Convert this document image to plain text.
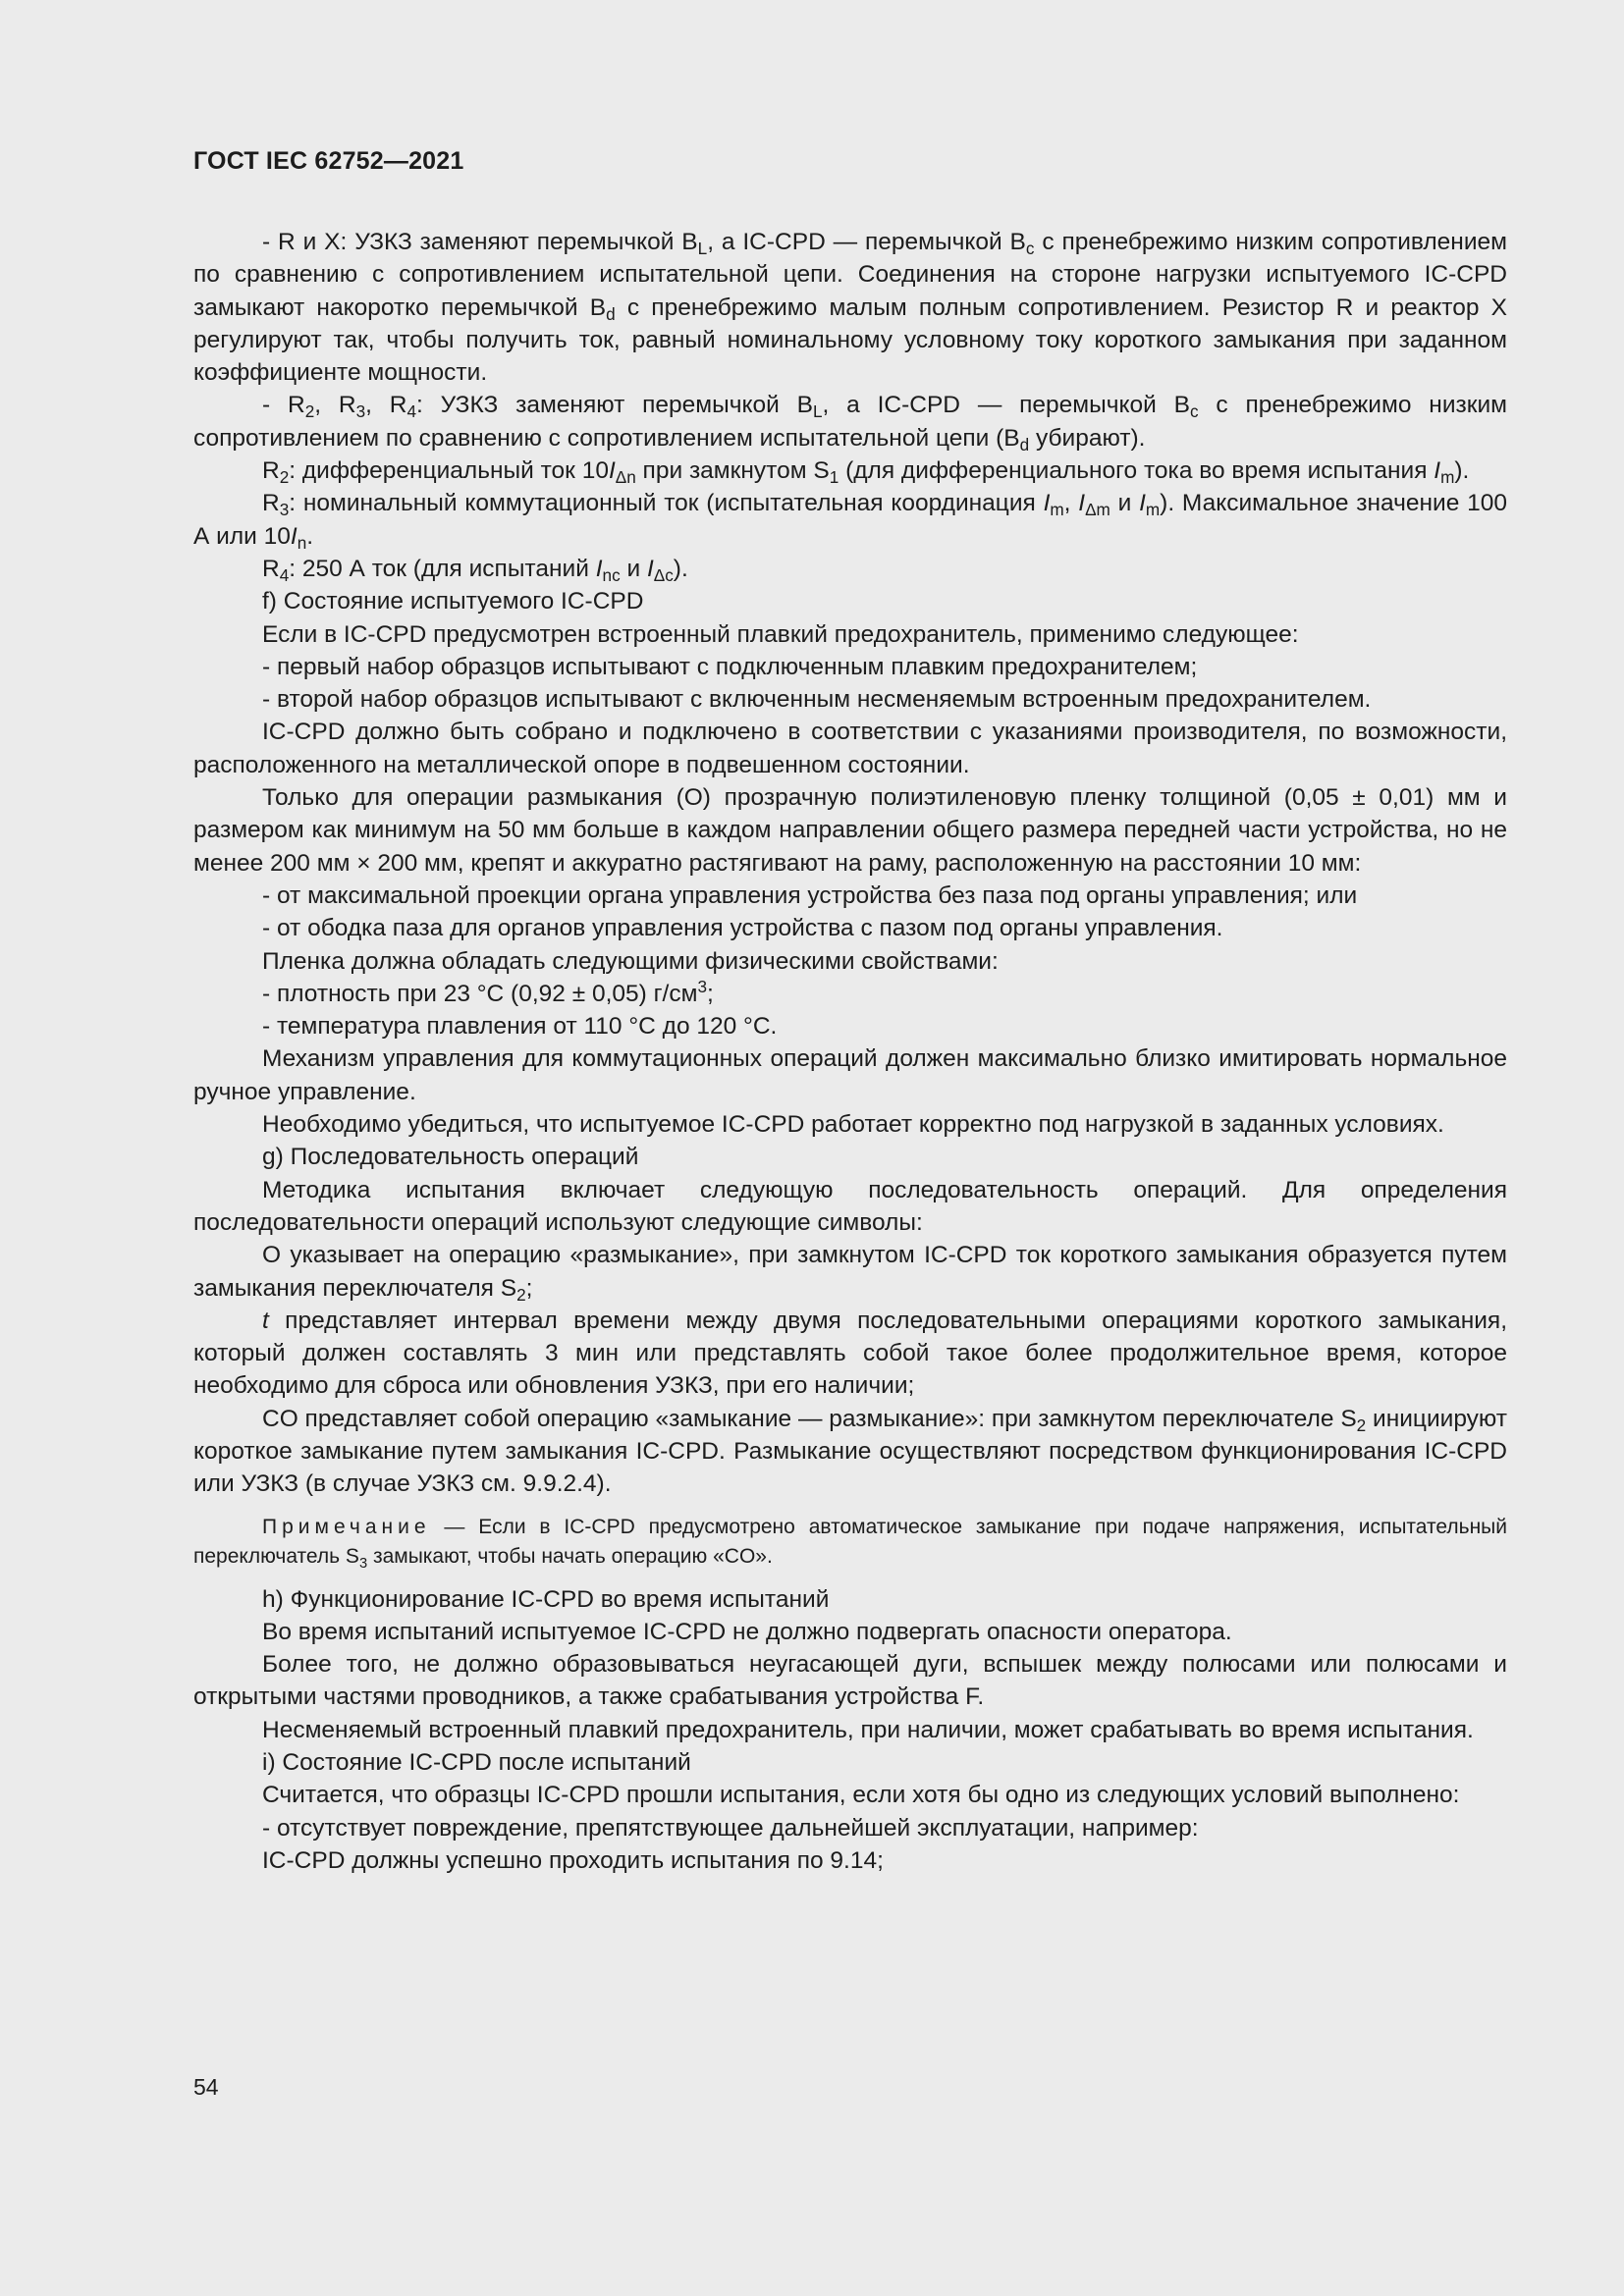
ГОСТ IEC 62752—2021

- R и X: УЗКЗ заменяют перемычкой $B_L$, а IC-CPD — перемычкой $B_c$ с пренебрежимо низким сопротивлением по сравнению с сопротивлением испытательной цепи. Соединения на стороне нагрузки испытуемого IC-CPD замыкают накоротко перемычкой $B_d$ с пренебрежимо малым полным сопротивлением. Резистор R и реактор X регулируют так, чтобы получить ток, равный номинальному условному току короткого замыкания при заданном коэффициенте мощности.

- $R_2$, $R_3$, $R_4$: УЗКЗ заменяют перемычкой $B_L$, а IC-CPD — перемычкой $B_c$ с пренебрежимо низким сопротивлением по сравнению с сопротивлением испытательной цепи ($B_d$ убирают).

$R_2$: дифференциальный ток $10I_{\Delta n}$ при замкнутом $S_1$ (для дифференциального тока во время испытания $I_m$).

$R_3$: номинальный коммутационный ток (испытательная координация $I_m$, $I_{\Delta m}$ и $I_m$). Максимальное значение 100 А или $10I_n$.

$R_4$: 250 А ток (для испытаний $I_{nc}$ и $I_{\Delta c}$).

f) Состояние испытуемого IC-CPD

Если в IC-CPD предусмотрен встроенный плавкий предохранитель, применимо следующее:

- первый набор образцов испытывают с подключенным плавким предохранителем;

- второй набор образцов испытывают с включенным несменяемым встроенным предохранителем.

IC-CPD должно быть собрано и подключено в соответствии с указаниями производителя, по возможности, расположенного на металлической опоре в подвешенном состоянии.

Только для операции размыкания (O) прозрачную полиэтиленовую пленку толщиной (0,05 ± 0,01) мм и размером как минимум на 50 мм больше в каждом направлении общего размера передней части устройства, но не менее 200 мм × 200 мм, крепят и аккуратно растягивают на раму, расположенную на расстоянии 10 мм:

- от максимальной проекции органа управления устройства без паза под органы управления; или

- от ободка паза для органов управления устройства с пазом под органы управления.

Пленка должна обладать следующими физическими свойствами:

- плотность при 23 °С (0,92 ± 0,05) $г/см^3$;

- температура плавления от 110 °С до 120 °С.

Механизм управления для коммутационных операций должен максимально близко имитировать нормальное ручное управление.

Необходимо убедиться, что испытуемое IC-CPD работает корректно под нагрузкой в заданных условиях.

g) Последовательность операций

Методика испытания включает следующую последовательность операций. Для определения последовательности операций используют следующие символы:

O указывает на операцию «размыкание», при замкнутом IC-CPD ток короткого замыкания образуется путем замыкания переключателя $S_2$;

t представляет интервал времени между двумя последовательными операциями короткого замыкания, который должен составлять 3 мин или представлять собой такое более продолжительное время, которое необходимо для сброса или обновления УЗКЗ, при его наличии;

CO представляет собой операцию «замыкание — размыкание»: при замкнутом переключателе $S_2$ инициируют короткое замыкание путем замыкания IC-CPD. Размыкание осуществляют посредством функционирования IC-CPD или УЗКЗ (в случае УЗКЗ см. 9.9.2.4).

Примечание — Если в IC-CPD предусмотрено автоматическое замыкание при подаче напряжения, испытательный переключатель $S_3$ замыкают, чтобы начать операцию «CO».

h) Функционирование IC-CPD во время испытаний

Во время испытаний испытуемое IC-CPD не должно подвергать опасности оператора.

Более того, не должно образовываться неугасающей дуги, вспышек между полюсами или полюсами и открытыми частями проводников, а также срабатывания устройства F.

Несменяемый встроенный плавкий предохранитель, при наличии, может срабатывать во время испытания.

i) Состояние IC-CPD после испытаний

Считается, что образцы IC-CPD прошли испытания, если хотя бы одно из следующих условий выполнено:

- отсутствует повреждение, препятствующее дальнейшей эксплуатации, например:

IC-CPD должны успешно проходить испытания по 9.14;

54
